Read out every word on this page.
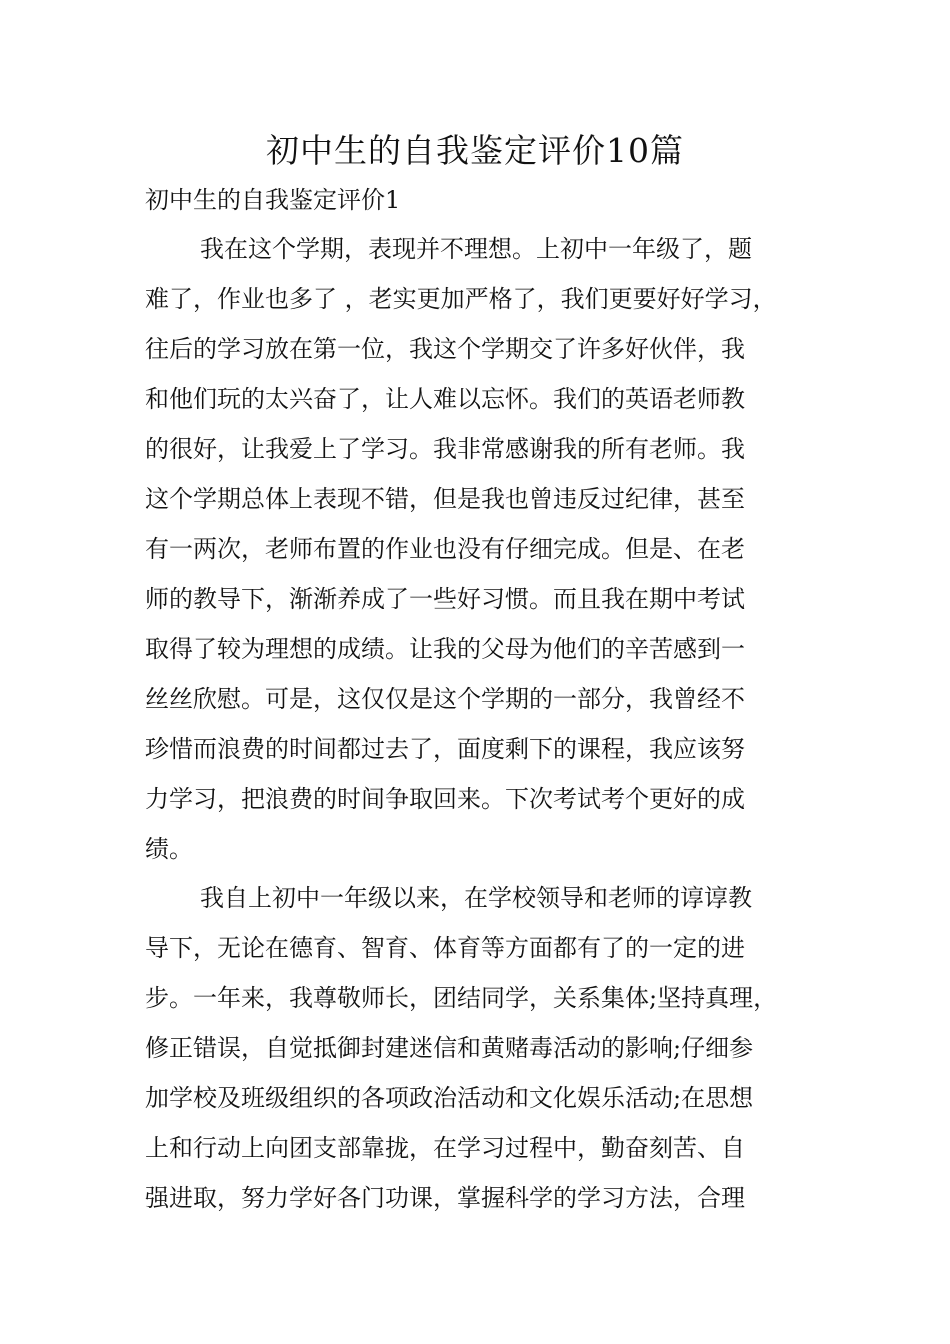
初中生的自我鉴定评价10篇
初中生的自我鉴定评价1

我在这个学期，表现并不理想。上初中一年级了，题

难了，作业也多了 ，老实更加严格了，我们更要好好学习，

往后的学习放在第一位，我这个学期交了许多好伙伴，我

和他们玩的太兴奋了，让人难以忘怀。我们的英语老师教

的很好，让我爱上了学习。我非常感谢我的所有老师。我

这个学期总体上表现不错，但是我也曾违反过纪律，甚至

有一两次，老师布置的作业也没有仔细完成。但是、在老

师的教导下，渐渐养成了一些好习惯。而且我在期中考试

取得了较为理想的成绩。让我的父母为他们的辛苦感到一

丝丝欣慰。可是，这仅仅是这个学期的一部分，我曾经不

珍惜而浪费的时间都过去了，面度剩下的课程，我应该努

力学习，把浪费的时间争取回来。下次考试考个更好的成

绩。

我自上初中一年级以来，在学校领导和老师的谆谆教

导下，无论在德育、智育、体育等方面都有了的一定的进

步。一年来，我尊敬师长，团结同学，关系集体;坚持真理，

修正错误，自觉抵御封建迷信和黄赌毒活动的影响;仔细参

加学校及班级组织的各项政治活动和文化娱乐活动;在思想

上和行动上向团支部靠拢，在学习过程中，勤奋刻苦、自

强进取，努力学好各门功课，掌握科学的学习方法，合理
